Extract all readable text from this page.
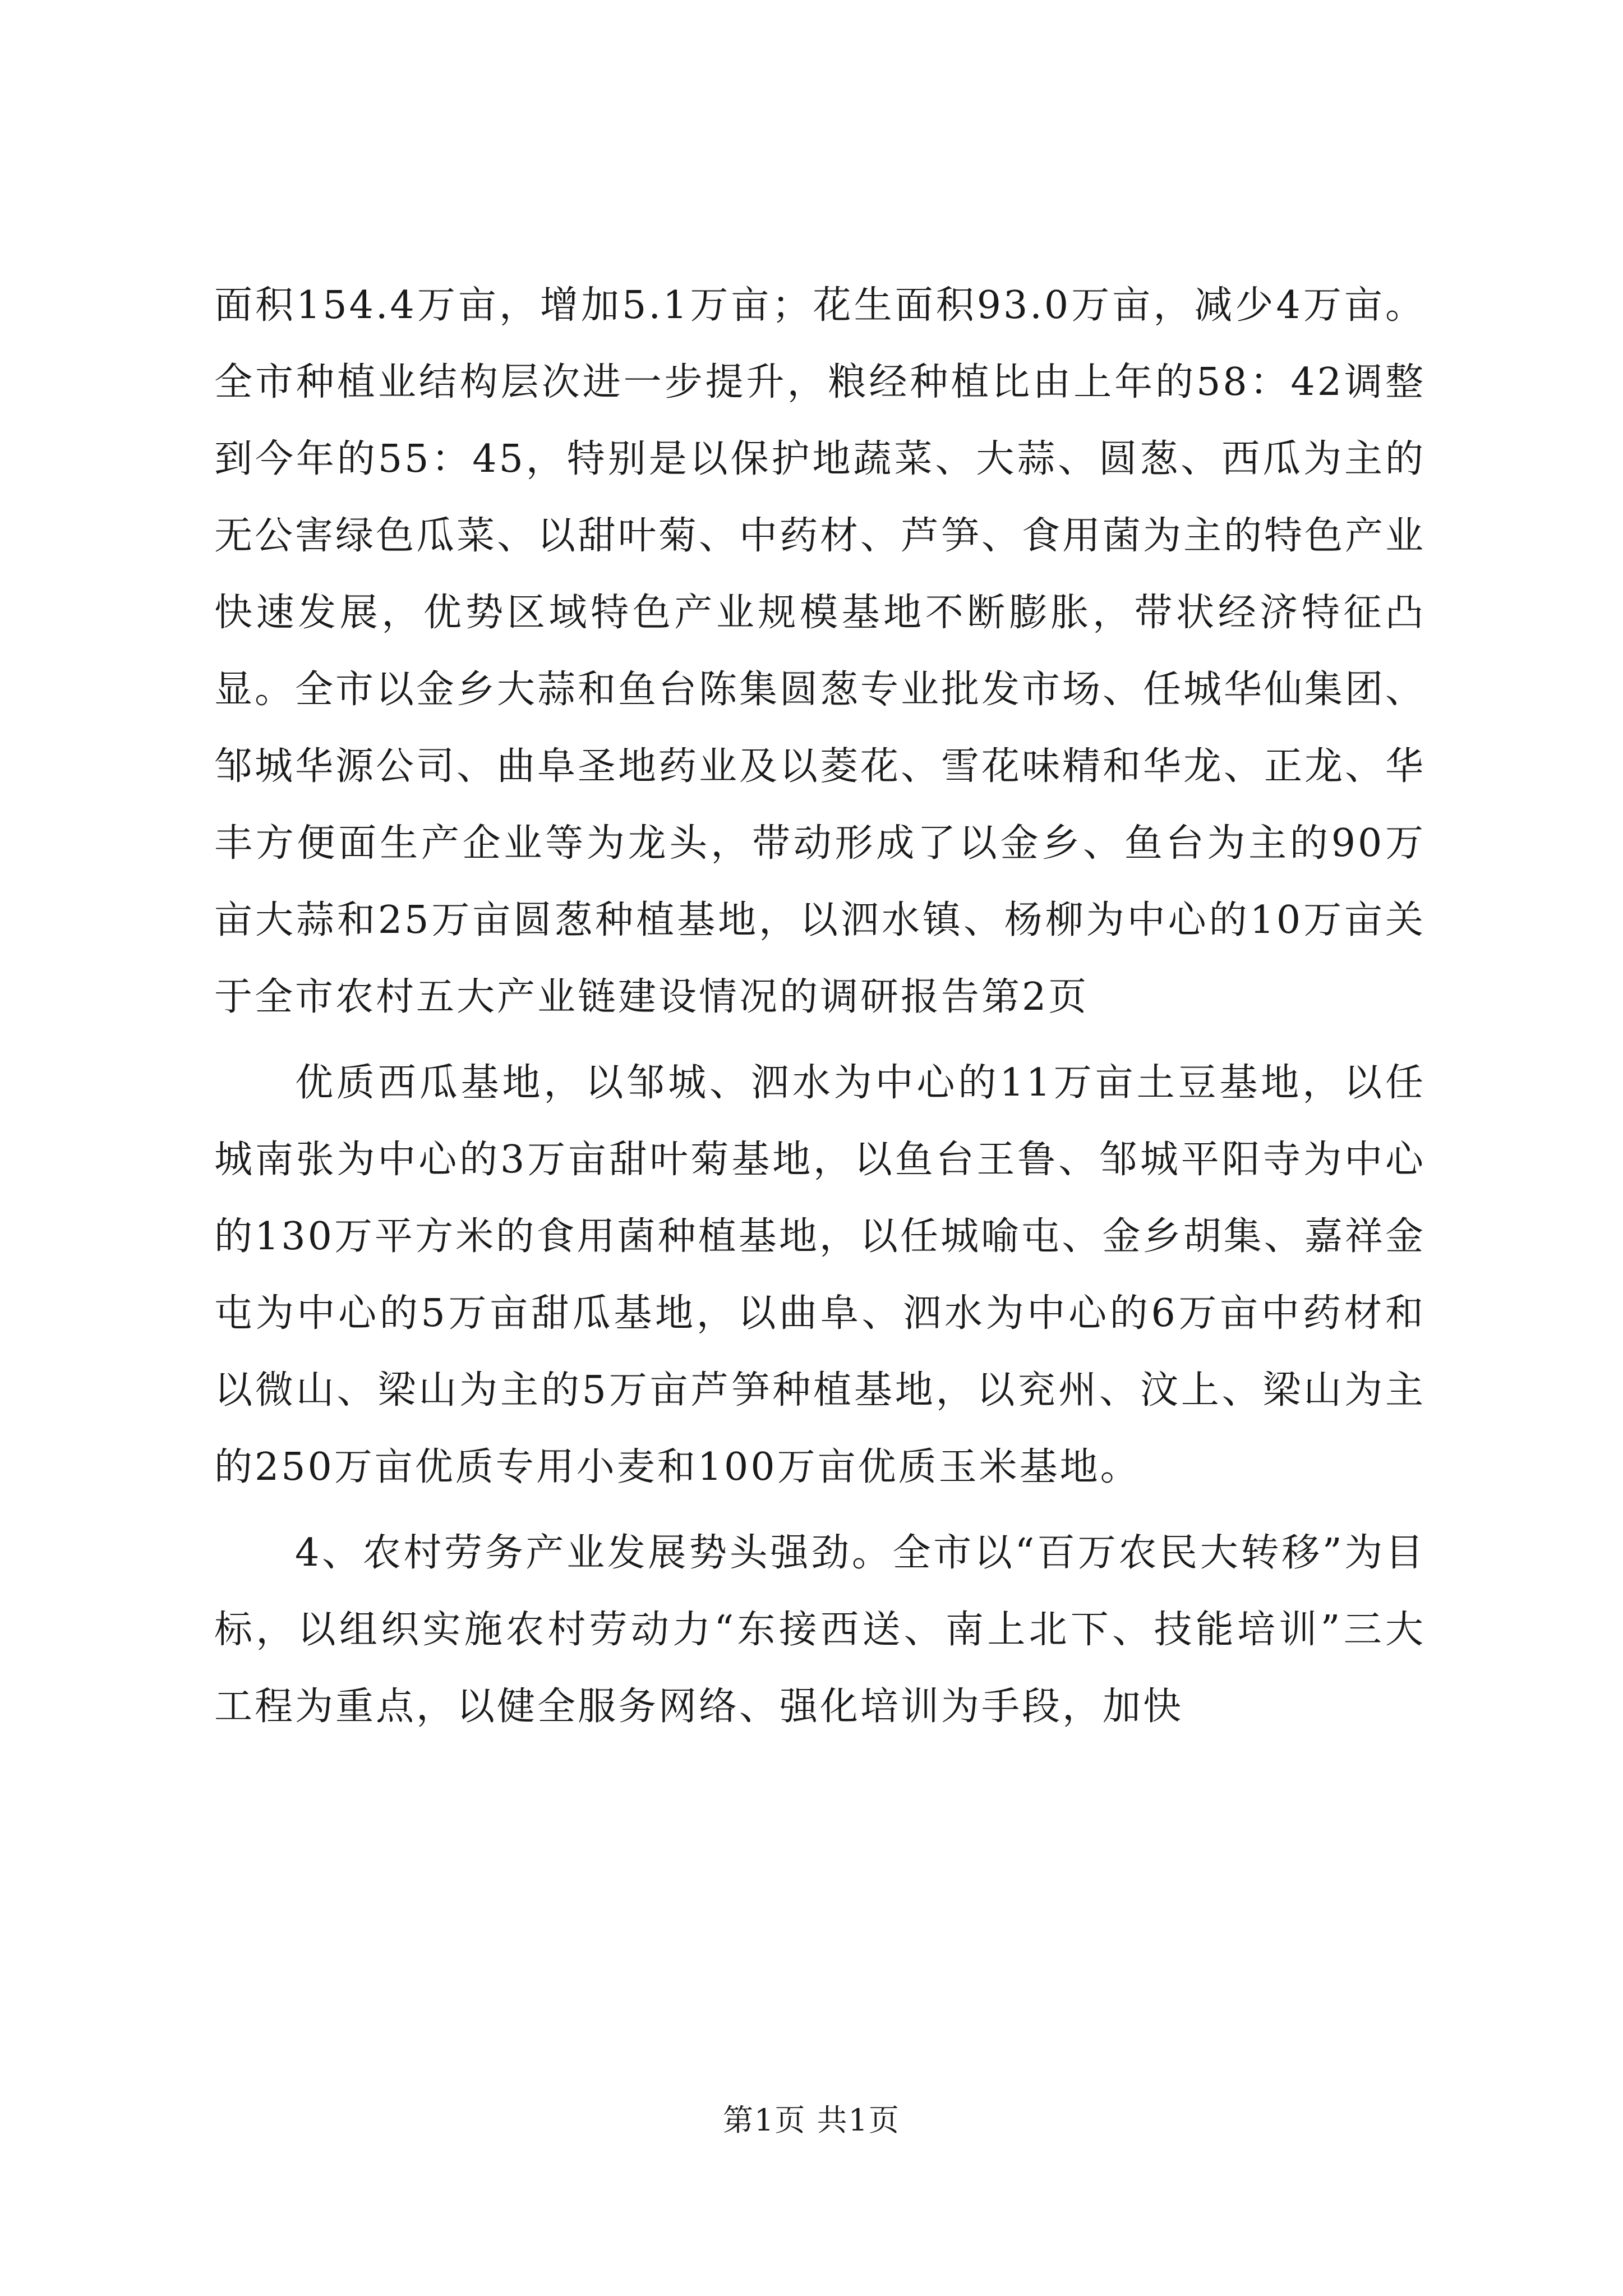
面积154.4万亩，增加5.1万亩；花生面积93.0万亩，减少4万亩。全市种植业结构层次进一步提升，粮经种植比由上年的58：42调整到今年的55：45，特别是以保护地蔬菜、大蒜、圆葱、西瓜为主的无公害绿色瓜菜、以甜叶菊、中药材、芦笋、食用菌为主的特色产业快速发展，优势区域特色产业规模基地不断膨胀，带状经济特征凸显。全市以金乡大蒜和鱼台陈集圆葱专业批发市场、任城华仙集团、邹城华源公司、曲阜圣地药业及以菱花、雪花味精和华龙、正龙、华丰方便面生产企业等为龙头，带动形成了以金乡、鱼台为主的90万亩大蒜和25万亩圆葱种植基地，以泗水镇、杨柳为中心的10万亩关于全市农村五大产业链建设情况的调研报告第2页

优质西瓜基地，以邹城、泗水为中心的11万亩土豆基地，以任城南张为中心的3万亩甜叶菊基地，以鱼台王鲁、邹城平阳寺为中心的130万平方米的食用菌种植基地，以任城喻屯、金乡胡集、嘉祥金屯为中心的5万亩甜瓜基地，以曲阜、泗水为中心的6万亩中药材和以微山、梁山为主的5万亩芦笋种植基地，以兖州、汶上、梁山为主的250万亩优质专用小麦和100万亩优质玉米基地。

4、农村劳务产业发展势头强劲。全市以“百万农民大转移”为目标，以组织实施农村劳动力“东接西送、南上北下、技能培训”三大工程为重点，以健全服务网络、强化培训为手段，加快

第1页 共1页
